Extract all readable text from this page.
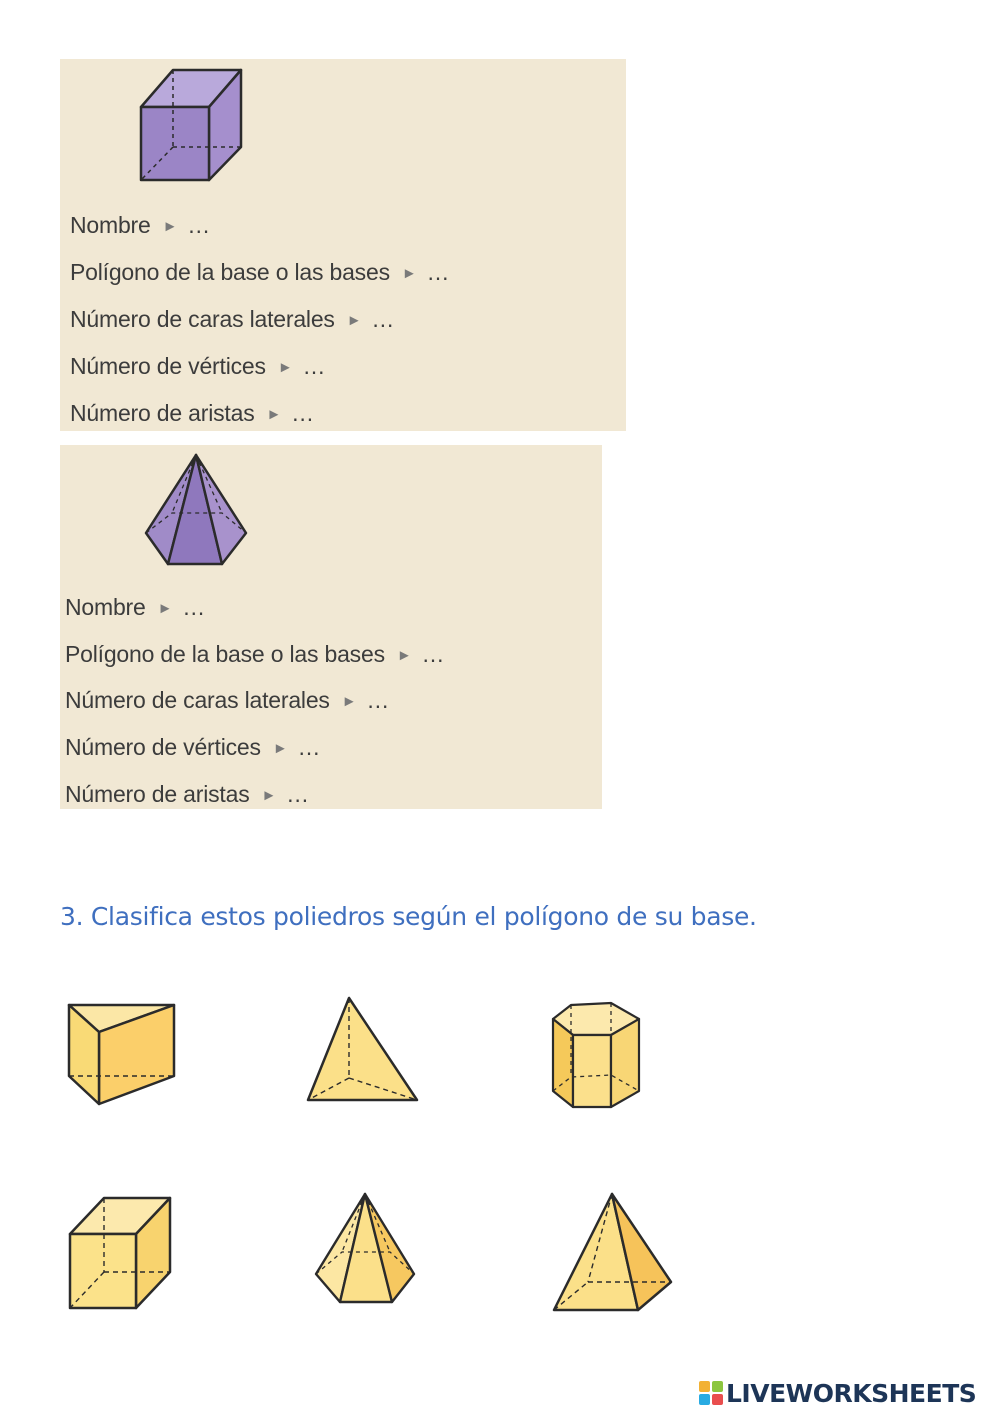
Nombre ► …
Polígono de la base o las bases ► …
Número de caras laterales ► …
Número de vértices ► …
Número de aristas ► …
Nombre ► …
Polígono de la base o las bases ► …
Número de caras laterales ► …
Número de vértices ► …
Número de aristas ► …
3. Clasifica estos poliedros según el polígono de su base.
LIVEWORKSHEETS
